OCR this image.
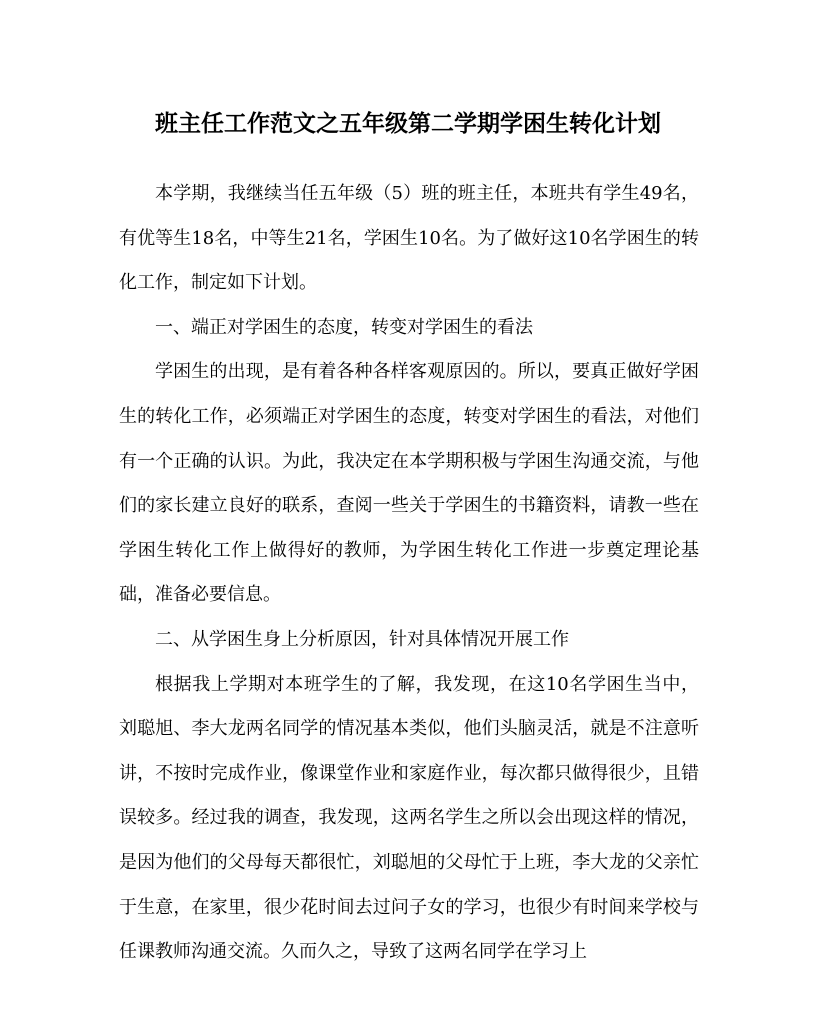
班主任工作范文之五年级第二学期学困生转化计划

本学期，我继续当任五年级（5）班的班主任，本班共有学生49名，有优等生18名，中等生21名，学困生10名。为了做好这10名学困生的转化工作，制定如下计划。

一、端正对学困生的态度，转变对学困生的看法

学困生的出现，是有着各种各样客观原因的。所以，要真正做好学困生的转化工作，必须端正对学困生的态度，转变对学困生的看法，对他们有一个正确的认识。为此，我决定在本学期积极与学困生沟通交流，与他们的家长建立良好的联系，查阅一些关于学困生的书籍资料，请教一些在学困生转化工作上做得好的教师，为学困生转化工作进一步奠定理论基础，准备必要信息。

二、从学困生身上分析原因，针对具体情况开展工作

根据我上学期对本班学生的了解，我发现，在这10名学困生当中，刘聪旭、李大龙两名同学的情况基本类似，他们头脑灵活，就是不注意听讲，不按时完成作业，像课堂作业和家庭作业，每次都只做得很少，且错误较多。经过我的调查，我发现，这两名学生之所以会出现这样的情况，是因为他们的父母每天都很忙，刘聪旭的父母忙于上班，李大龙的父亲忙于生意，在家里，很少花时间去过问子女的学习，也很少有时间来学校与任课教师沟通交流。久而久之，导致了这两名同学在学习上
